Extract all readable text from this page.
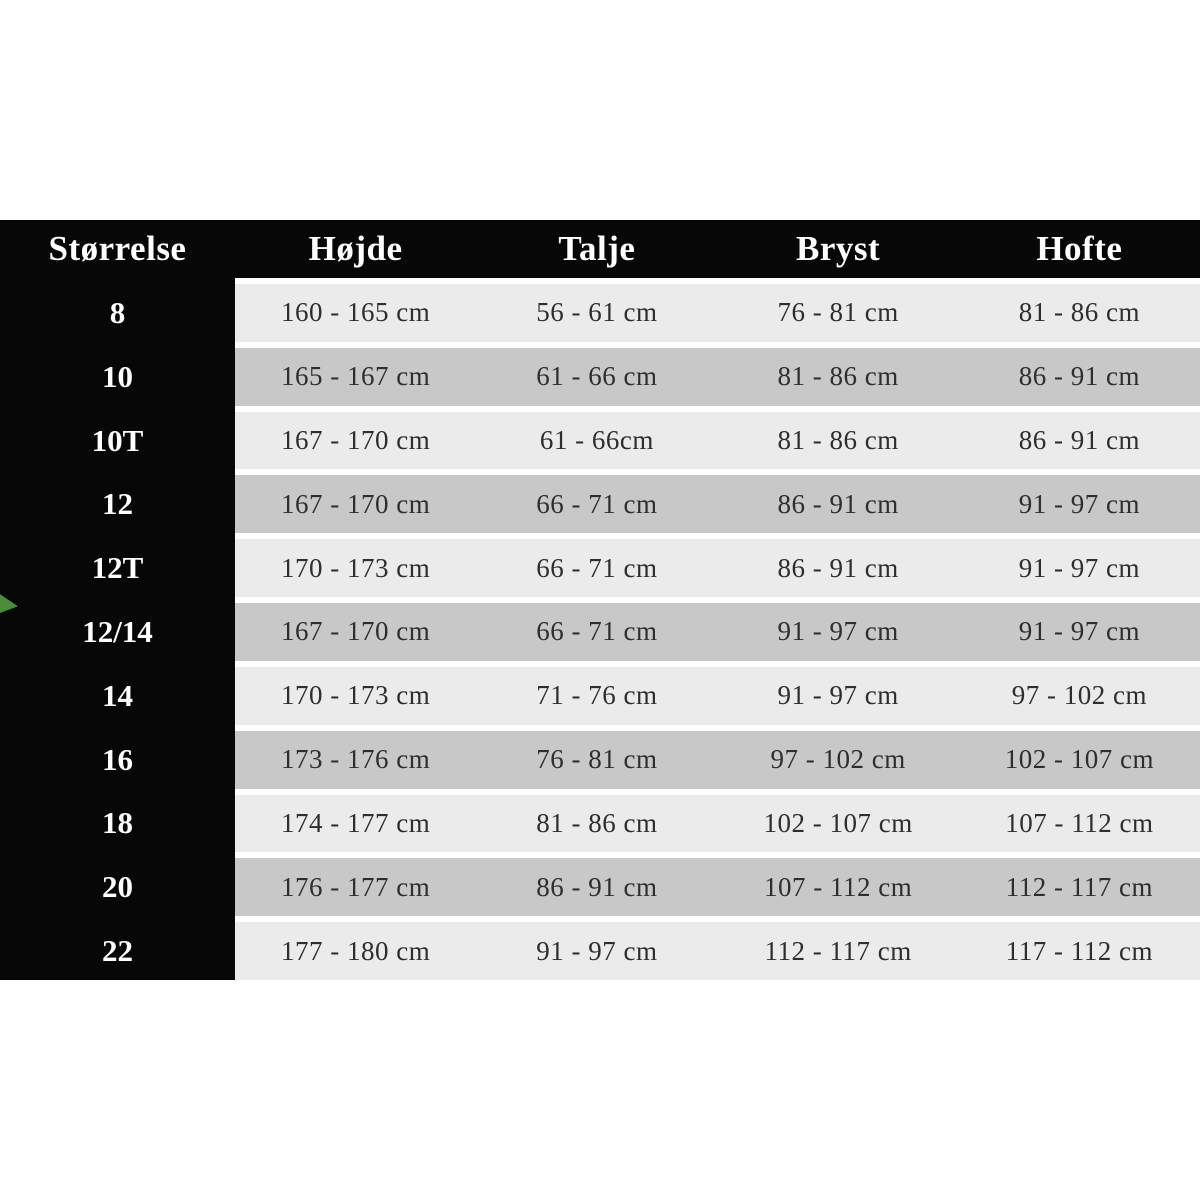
Størrelse	Højde	Talje	Bryst	Hofte
8	160 - 165 cm	56 - 61 cm	76 - 81 cm	81 - 86 cm
10	165 - 167 cm	61 - 66 cm	81 - 86 cm	86 - 91 cm
10T	167 - 170 cm	61 - 66cm	81 - 86 cm	86 - 91 cm
12	167 - 170 cm	66 - 71 cm	86 - 91 cm	91 - 97 cm
12T	170 - 173 cm	66 - 71 cm	86 - 91 cm	91 - 97 cm
12/14	167 - 170 cm	66 - 71 cm	91 - 97 cm	91 - 97 cm
14	170 - 173 cm	71 - 76 cm	91 - 97 cm	97 - 102 cm
16	173 - 176 cm	76 - 81 cm	97 - 102 cm	102 - 107 cm
18	174 - 177 cm	81 - 86 cm	102 - 107 cm	107 - 112 cm
20	176 - 177 cm	86 - 91 cm	107 - 112 cm	112 - 117 cm
22	177 - 180 cm	91 - 97 cm	112 - 117 cm	117 - 112 cm
